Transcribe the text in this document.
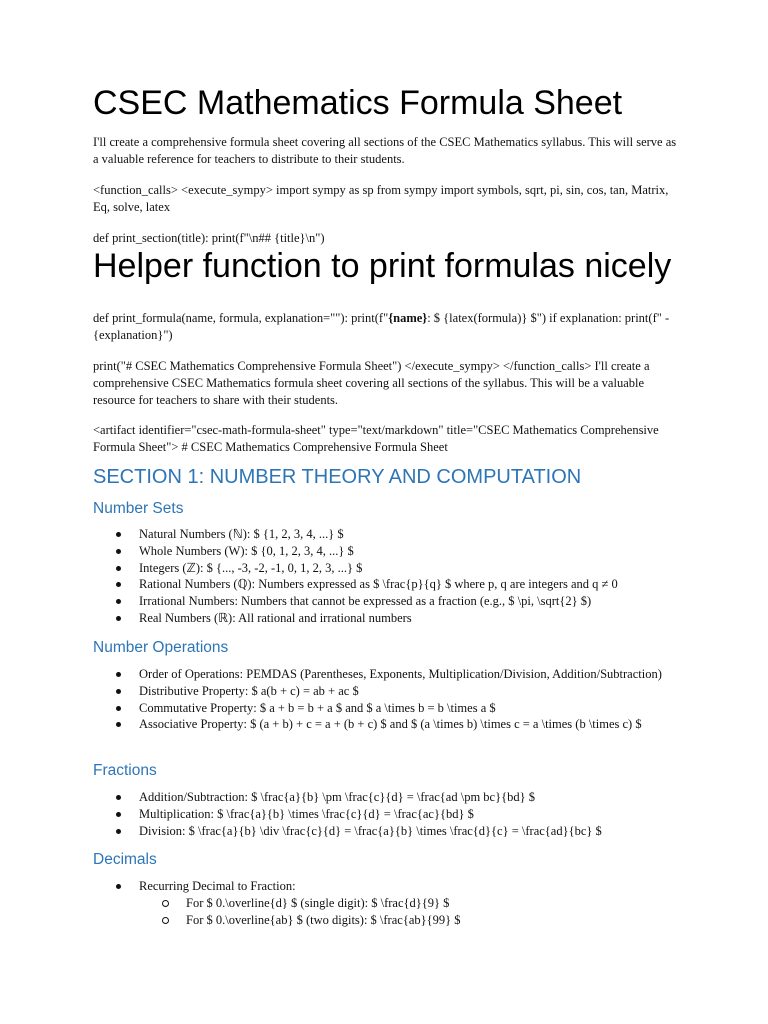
CSEC Mathematics Formula Sheet

I'll create a comprehensive formula sheet covering all sections of the CSEC Mathematics syllabus. This will serve as a valuable reference for teachers to distribute to their students.

<function_calls> <execute_sympy> import sympy as sp from sympy import symbols, sqrt, pi, sin, cos, tan, Matrix, Eq, solve, latex

def print_section(title): print(f"\n## {title}\n")

Helper function to print formulas nicely

def print_formula(name, formula, explanation=""): print(f"{name}: $ {latex(formula)} $") if explanation: print(f" - {explanation}")

print("# CSEC Mathematics Comprehensive Formula Sheet") </execute_sympy> </function_calls> I'll create a comprehensive CSEC Mathematics formula sheet covering all sections of the syllabus. This will be a valuable resource for teachers to share with their students.

<artifact identifier="csec-math-formula-sheet" type="text/markdown" title="CSEC Mathematics Comprehensive Formula Sheet"> # CSEC Mathematics Comprehensive Formula Sheet

SECTION 1: NUMBER THEORY AND COMPUTATION
Number Sets
Natural Numbers (ℕ): $ {1, 2, 3, 4, ...} $
Whole Numbers (W): $ {0, 1, 2, 3, 4, ...} $
Integers (ℤ): $ {..., -3, -2, -1, 0, 1, 2, 3, ...} $
Rational Numbers (ℚ): Numbers expressed as $ \frac{p}{q} $ where p, q are integers and q ≠ 0
Irrational Numbers: Numbers that cannot be expressed as a fraction (e.g., $ \pi, \sqrt{2} $)
Real Numbers (ℝ): All rational and irrational numbers
Number Operations
Order of Operations: PEMDAS (Parentheses, Exponents, Multiplication/Division, Addition/Subtraction)
Distributive Property: $ a(b + c) = ab + ac $
Commutative Property: $ a + b = b + a $ and $ a \times b = b \times a $
Associative Property: $ (a + b) + c = a + (b + c) $ and $ (a \times b) \times c = a \times (b \times c) $
Fractions
Addition/Subtraction: $ \frac{a}{b} \pm \frac{c}{d} = \frac{ad \pm bc}{bd} $
Multiplication: $ \frac{a}{b} \times \frac{c}{d} = \frac{ac}{bd} $
Division: $ \frac{a}{b} \div \frac{c}{d} = \frac{a}{b} \times \frac{d}{c} = \frac{ad}{bc} $
Decimals
Recurring Decimal to Fraction:
For $ 0.\overline{d} $ (single digit): $ \frac{d}{9} $
For $ 0.\overline{ab} $ (two digits): $ \frac{ab}{99} $
